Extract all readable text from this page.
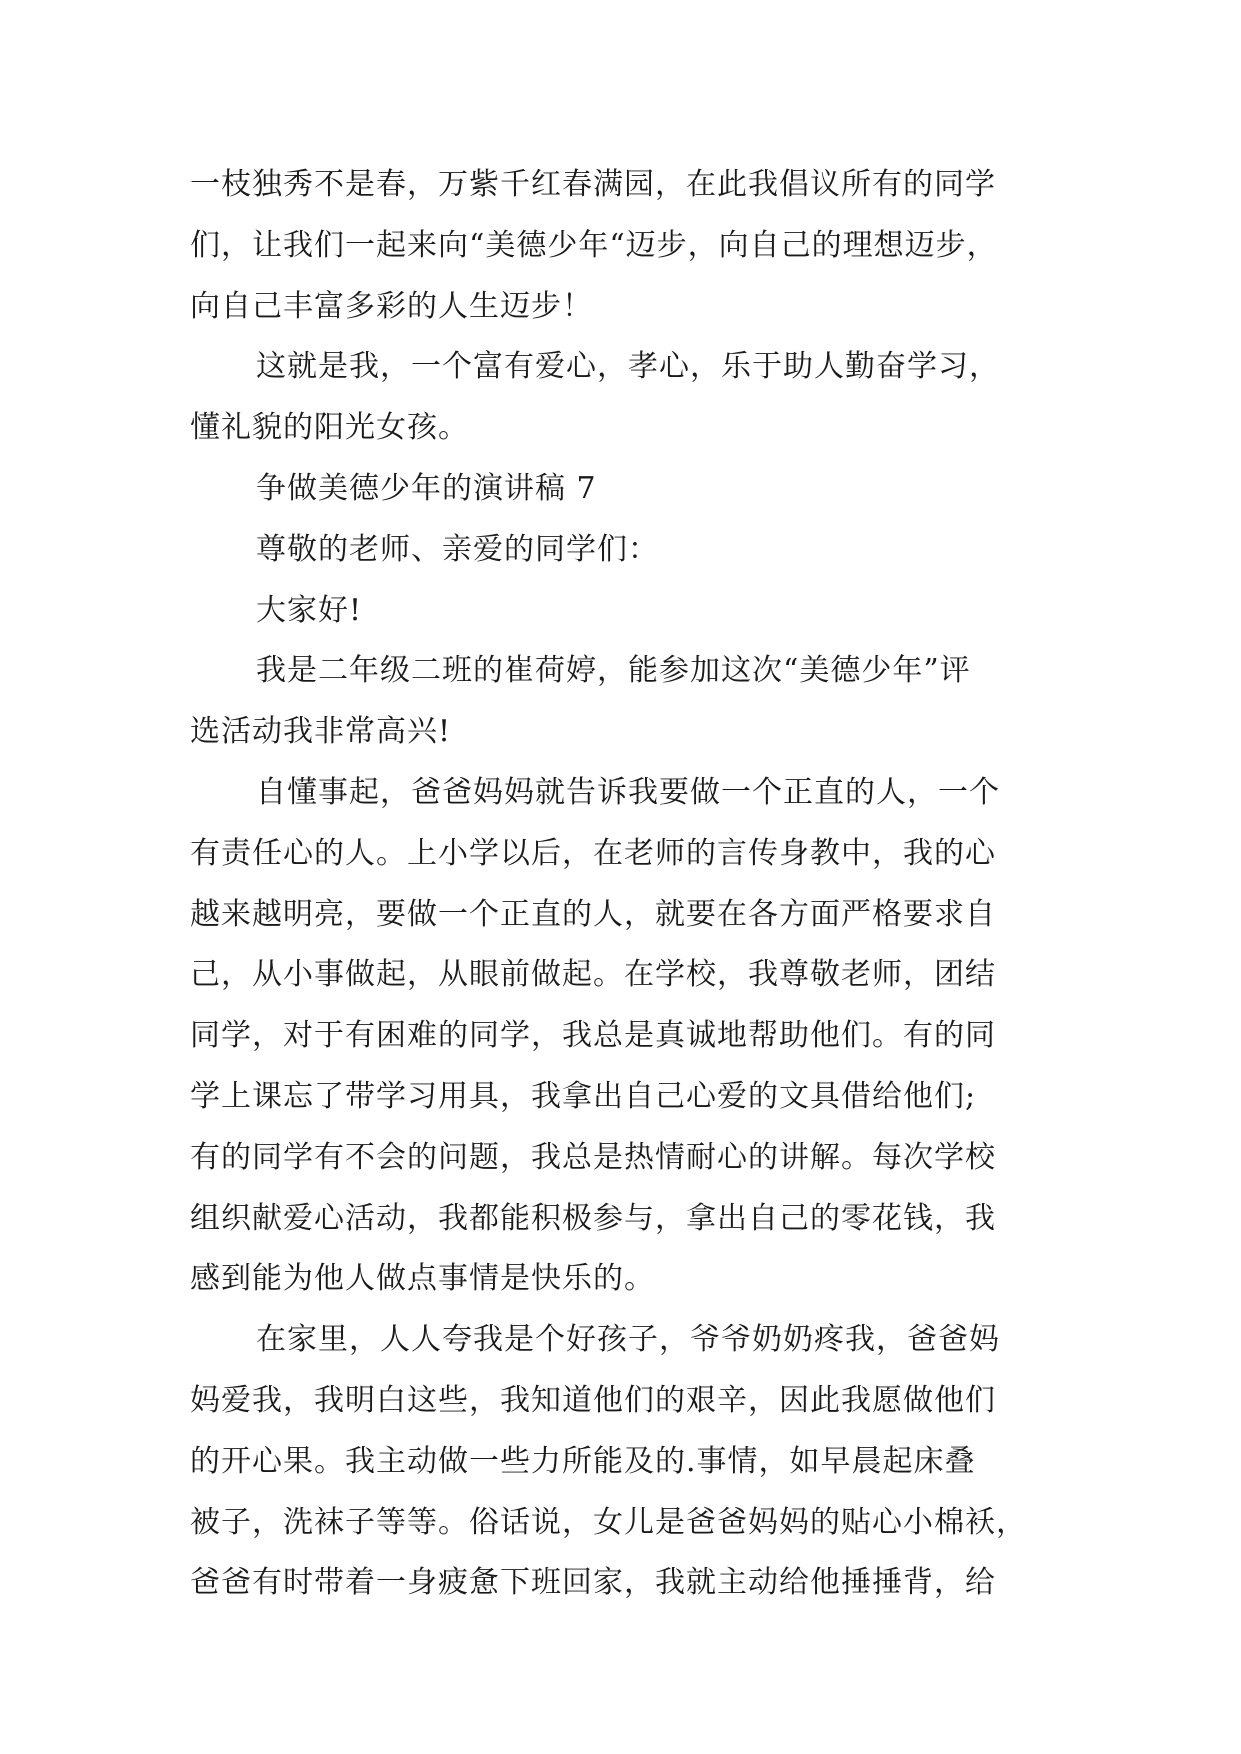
一枝独秀不是春，万紫千红春满园，在此我倡议所有的同学
们，让我们一起来向“美德少年“迈步，向自己的理想迈步，
向自己丰富多彩的人生迈步！
这就是我，一个富有爱心，孝心，乐于助人勤奋学习，
懂礼貌的阳光女孩。
争做美德少年的演讲稿 7
尊敬的老师、亲爱的同学们：
大家好!
我是二年级二班的崔荷婷，能参加这次“美德少年”评
选活动我非常高兴!
自懂事起，爸爸妈妈就告诉我要做一个正直的人，一个
有责任心的人。上小学以后，在老师的言传身教中，我的心
越来越明亮，要做一个正直的人，就要在各方面严格要求自
己，从小事做起，从眼前做起。在学校，我尊敬老师，团结
同学，对于有困难的同学，我总是真诚地帮助他们。有的同
学上课忘了带学习用具，我拿出自己心爱的文具借给他们;
有的同学有不会的问题，我总是热情耐心的讲解。每次学校
组织献爱心活动，我都能积极参与，拿出自己的零花钱，我
感到能为他人做点事情是快乐的。
在家里，人人夸我是个好孩子，爷爷奶奶疼我，爸爸妈
妈爱我，我明白这些，我知道他们的艰辛，因此我愿做他们
的开心果。我主动做一些力所能及的.事情，如早晨起床叠
被子，洗袜子等等。俗话说，女儿是爸爸妈妈的贴心小棉袄，
爸爸有时带着一身疲惫下班回家，我就主动给他捶捶背，给
